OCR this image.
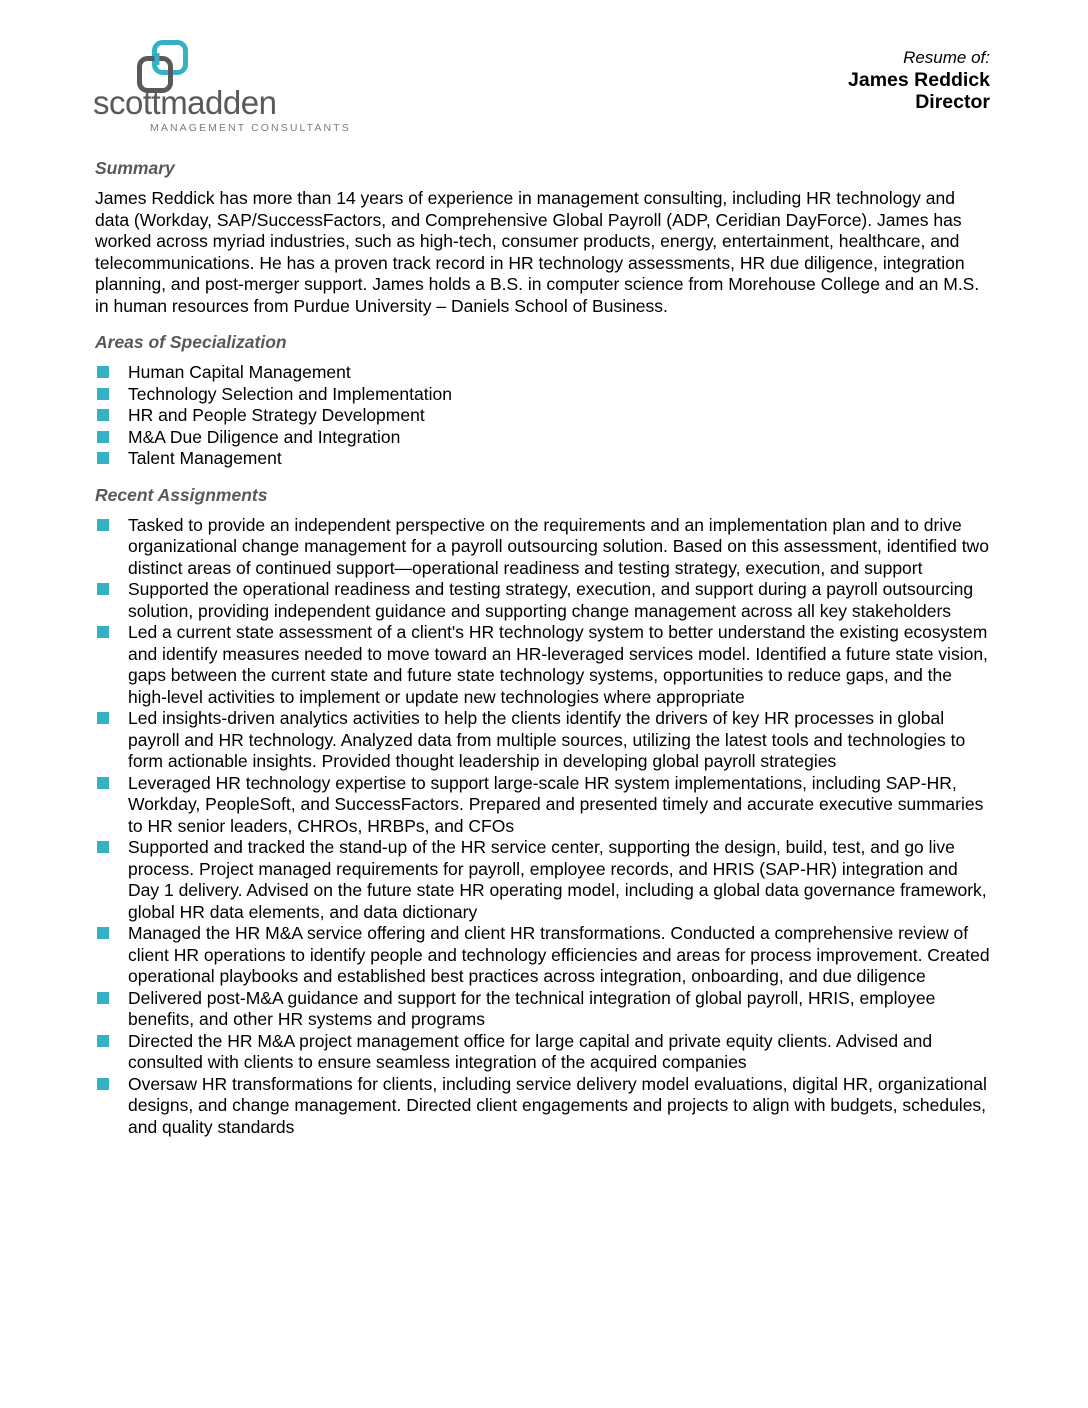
scottmadden
MANAGEMENT CONSULTANTS
Resume of:
James Reddick
Director
Summary

James Reddick has more than 14 years of experience in management consulting, including HR technology and data (Workday, SAP/SuccessFactors, and Comprehensive Global Payroll (ADP, Ceridian DayForce). James has worked across myriad industries, such as high-tech, consumer products, energy, entertainment, healthcare, and telecommunications. He has a proven track record in HR technology assessments, HR due diligence, integration planning, and post-merger support. James holds a B.S. in computer science from Morehouse College and an M.S. in human resources from Purdue University – Daniels School of Business.

Areas of Specialization
Human Capital Management
Technology Selection and Implementation
HR and People Strategy Development
M&A Due Diligence and Integration
Talent Management
Recent Assignments
Tasked to provide an independent perspective on the requirements and an implementation plan and to drive organizational change management for a payroll outsourcing solution. Based on this assessment, identified two distinct areas of continued support—operational readiness and testing strategy, execution, and support
Supported the operational readiness and testing strategy, execution, and support during a payroll outsourcing solution, providing independent guidance and supporting change management across all key stakeholders
Led a current state assessment of a client's HR technology system to better understand the existing ecosystem and identify measures needed to move toward an HR-leveraged services model. Identified a future state vision, gaps between the current state and future state technology systems, opportunities to reduce gaps, and the high-level activities to implement or update new technologies where appropriate
Led insights-driven analytics activities to help the clients identify the drivers of key HR processes in global payroll and HR technology. Analyzed data from multiple sources, utilizing the latest tools and technologies to form actionable insights. Provided thought leadership in developing global payroll strategies
Leveraged HR technology expertise to support large-scale HR system implementations, including SAP-HR, Workday, PeopleSoft, and SuccessFactors. Prepared and presented timely and accurate executive summaries to HR senior leaders, CHROs, HRBPs, and CFOs
Supported and tracked the stand-up of the HR service center, supporting the design, build, test, and go live process. Project managed requirements for payroll, employee records, and HRIS (SAP-HR) integration and Day 1 delivery. Advised on the future state HR operating model, including a global data governance framework, global HR data elements, and data dictionary
Managed the HR M&A service offering and client HR transformations. Conducted a comprehensive review of client HR operations to identify people and technology efficiencies and areas for process improvement. Created operational playbooks and established best practices across integration, onboarding, and due diligence
Delivered post-M&A guidance and support for the technical integration of global payroll, HRIS, employee benefits, and other HR systems and programs
Directed the HR M&A project management office for large capital and private equity clients. Advised and consulted with clients to ensure seamless integration of the acquired companies
Oversaw HR transformations for clients, including service delivery model evaluations, digital HR, organizational designs, and change management. Directed client engagements and projects to align with budgets, schedules, and quality standards
